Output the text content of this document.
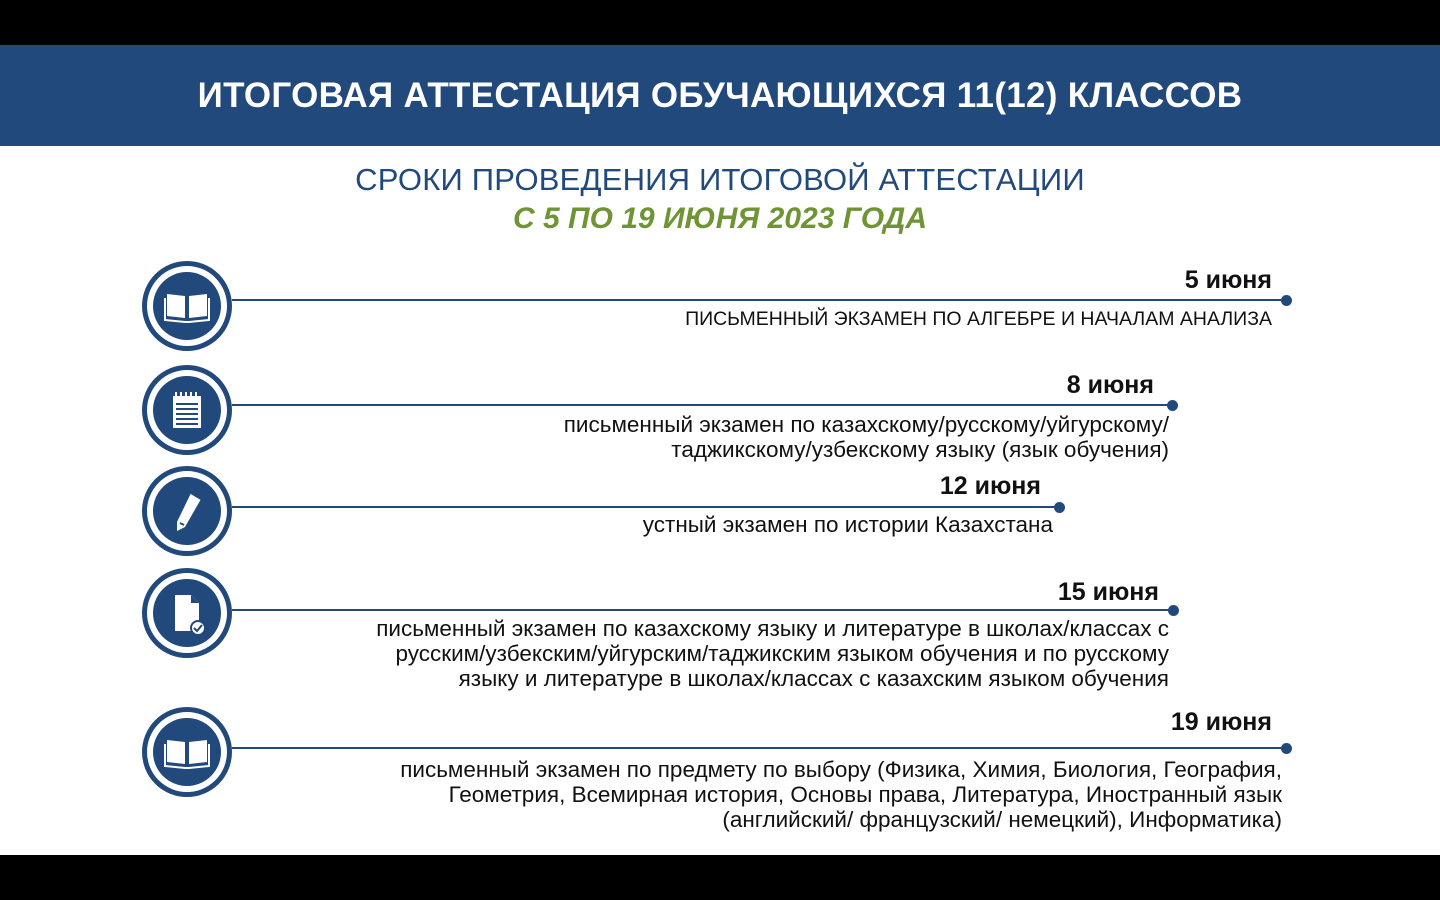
ИТОГОВАЯ АТТЕСТАЦИЯ ОБУЧАЮЩИХСЯ 11(12) КЛАССОВ
СРОКИ ПРОВЕДЕНИЯ ИТОГОВОЙ АТТЕСТАЦИИ
С 5 ПО 19 ИЮНЯ 2023 ГОДА
5 июня
ПИСЬМЕННЫЙ ЭКЗАМЕН ПО АЛГЕБРЕ И НАЧАЛАМ АНАЛИЗА
8 июня
письменный экзамен по казахскому/русскому/уйгурскому/
таджикскому/узбекскому языку (язык обучения)
12 июня
устный экзамен по истории Казахстана
15 июня
письменный экзамен по казахскому языку и литературе в школах/классах с
русским/узбекским/уйгурским/таджикским языком обучения и по русскому
языку и литературе в школах/классах с казахским языком обучения
19 июня
письменный экзамен по предмету по выбору (Физика, Химия, Биология, География,
Геометрия, Всемирная история, Основы права, Литература, Иностранный язык
(английский/ французский/ немецкий), Информатика)
